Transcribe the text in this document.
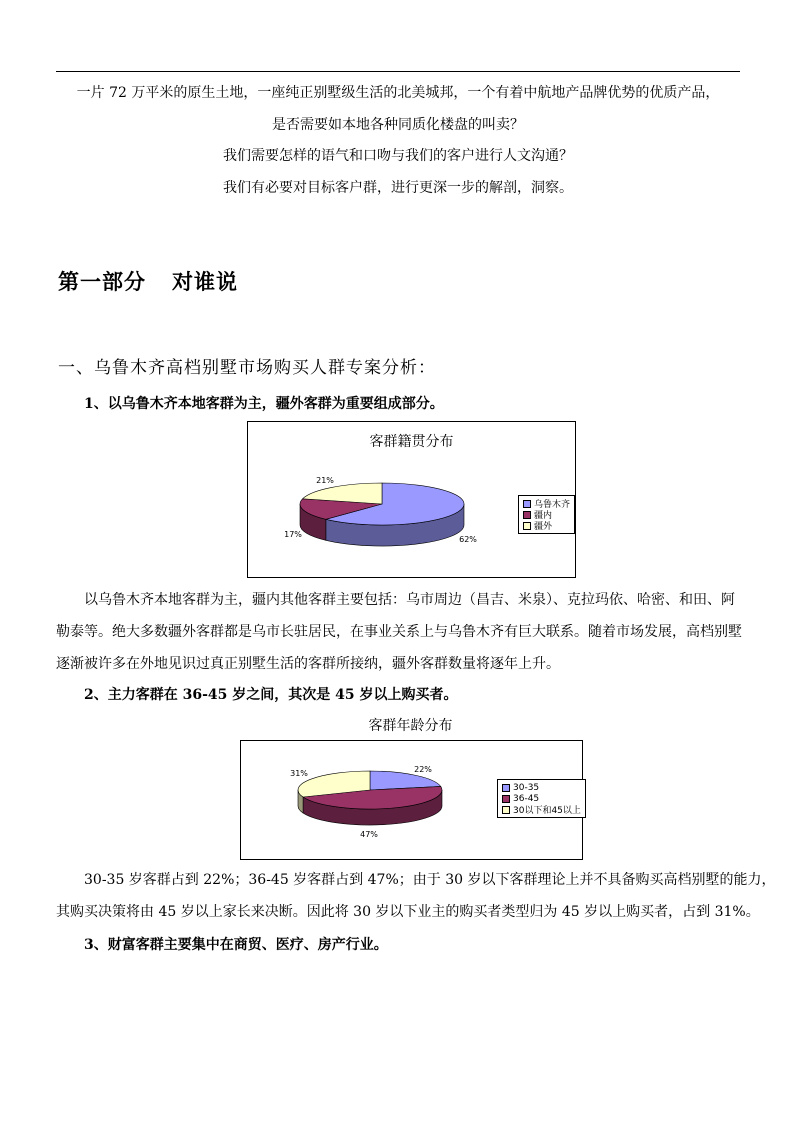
一片 72 万平米的原生土地，一座纯正别墅级生活的北美城邦，一个有着中航地产品牌优势的优质产品，
是否需要如本地各种同质化楼盘的叫卖？
我们需要怎样的语气和口吻与我们的客户进行人文沟通？
我们有必要对目标客户群，进行更深一步的解剖，洞察。
第一部分 对谁说
一、乌鲁木齐高档别墅市场购买人群专案分析：
1、以乌鲁木齐本地客群为主，疆外客群为重要组成部分。
客群籍贯分布
62%
17%
21%
乌鲁木齐
疆内
疆外
以乌鲁木齐本地客群为主，疆内其他客群主要包括：乌市周边（昌吉、米泉）、克拉玛依、哈密、和田、阿
勒泰等。绝大多数疆外客群都是乌市长驻居民，在事业关系上与乌鲁木齐有巨大联系。随着市场发展，高档别墅
逐渐被许多在外地见识过真正别墅生活的客群所接纳，疆外客群数量将逐年上升。
2、主力客群在 36-45 岁之间，其次是 45 岁以上购买者。
客群年龄分布
22%
47%
31%
30-35
36-45
30以下和45以上
30-35 岁客群占到 22%；36-45 岁客群占到 47%；由于 30 岁以下客群理论上并不具备购买高档别墅的能力，
其购买决策将由 45 岁以上家长来决断。因此将 30 岁以下业主的购买者类型归为 45 岁以上购买者，占到 31%。
3、财富客群主要集中在商贸、医疗、房产行业。
